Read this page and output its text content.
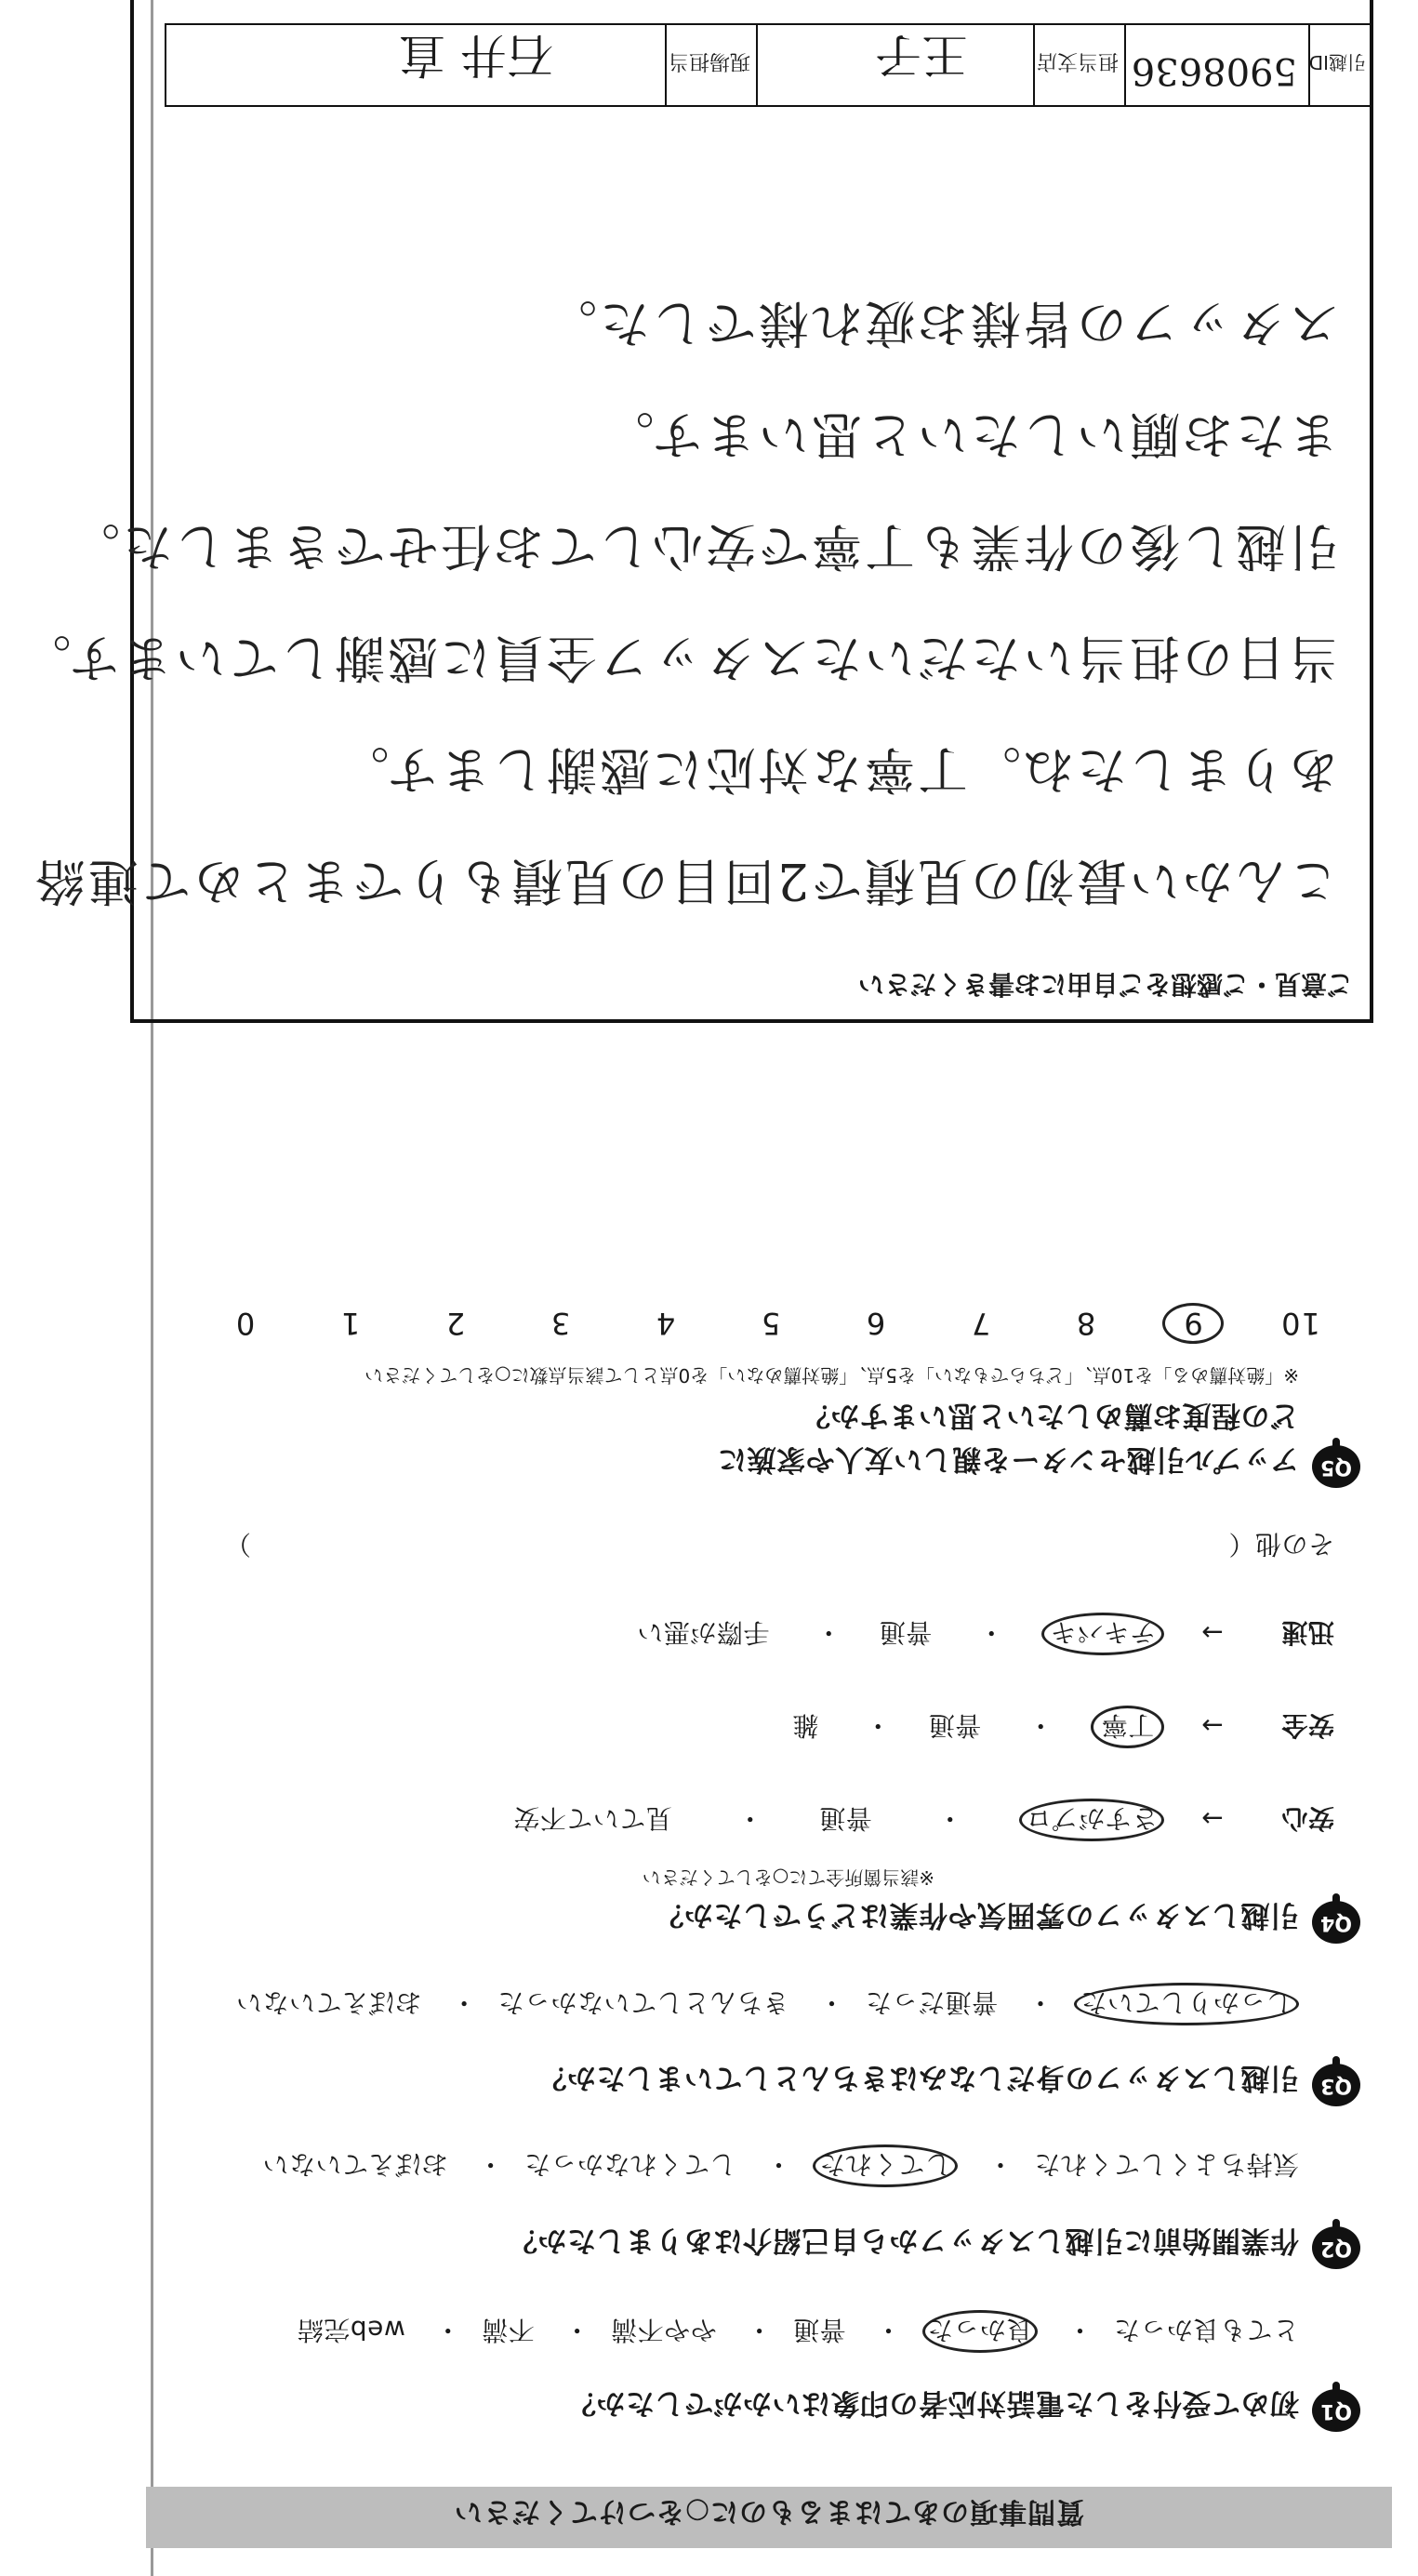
質問事項のあてはまるものに○をつけてください
Q1
初めて受付をした電話対応者の印象はいかがでしたか？
とても良かった・ 良かった・ 普通・ やや不満・ 不満・ web完結
Q2
作業開始前に引越しスタッフから自己紹介はありましたか？
気持ちよくしてくれた・ してくれた・ してくれなかった・ おぼえていない
Q3
引越しスタッフの身だしなみはきちんとしていましたか？
しっかりしていた・ 普通だった・ きちんとしていなかった・ おぼえていない
Q4
引越しスタッフの雰囲気や作業はどうでしたか？
※該当箇所全てに○をしてください
安心 → さすがプロ・ 普通・ 見ていて不安
安全 → 丁寧・ 普通・ 雑
迅速 → テキパキ・ 普通・ 手際が悪い
その他（
）
Q5
アップル引越センターを親しい友人や家族に
どの程度お薦めしたいと思いますか？
※「絶対薦める」を10点、「どちらでもない」を5点、「絶対薦めない」を0点として該当点数に○をしてください
109876543210
ご意見・ご感想をご自由にお書きください
こんかい最初の見積で2回目の見積もりでまとめて連絡
ありましたね。丁寧な対応に感謝します。
当日の担当いただいたスタッフ全員に感謝しています。
引越し後の作業も丁寧で安心してお任せできました。
またお願いしたいと思います。
スタッフの皆様お疲れ様でした。
引越ID
5908636
担当支店
王子
現場担当
石井 直
